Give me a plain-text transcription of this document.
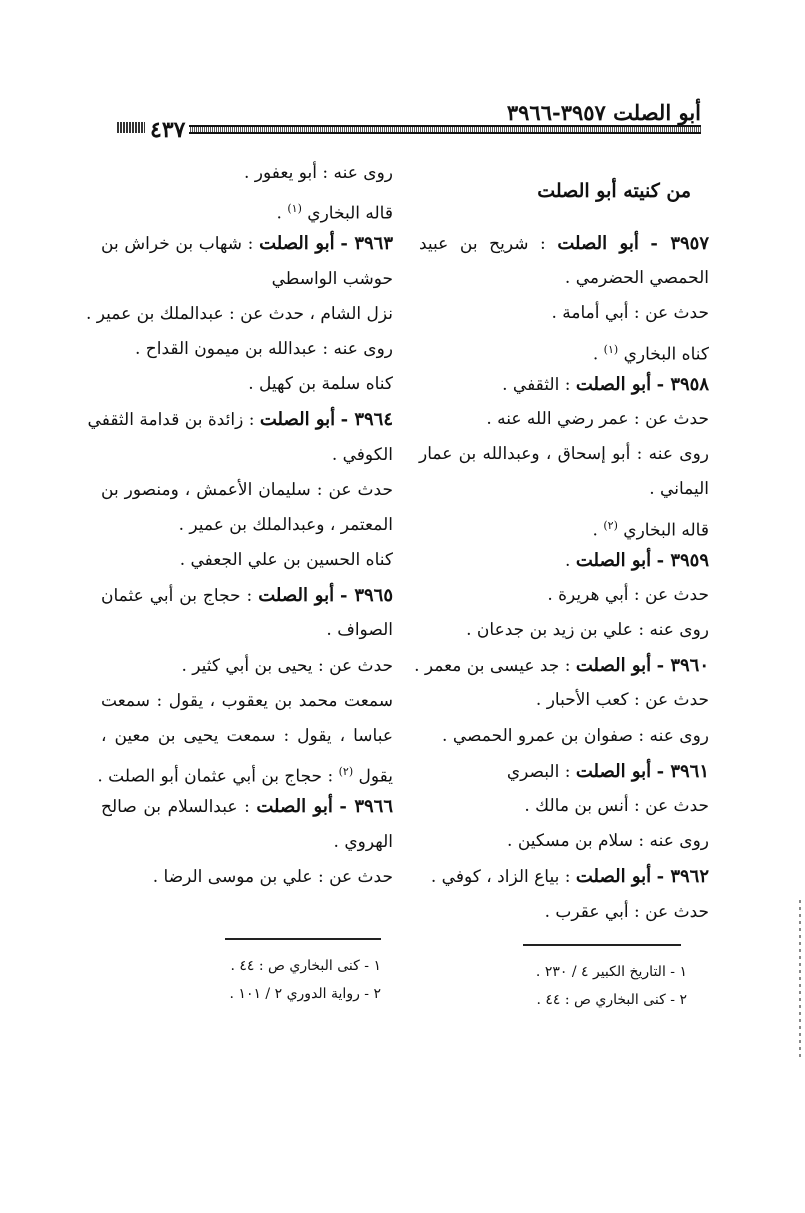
أبو الصلت ٣٩٥٧-٣٩٦٦
٤٣٧
من كنيته أبو الصلت
٣٩٥٧ - أبو الصلت : شريح بن عبيد
الحمصي الحضرمي .
حدث عن : أبي أمامة .
كناه البخاري $^{(١)}$ .
٣٩٥٨ - أبو الصلت : الثقفي .
حدث عن : عمر رضي الله عنه .
روى عنه : أبو إسحاق ، وعبدالله بن عمار
اليماني .
قاله البخاري $^{(٢)}$ .
٣٩٥٩ - أبو الصلت .
حدث عن : أبي هريرة .
روى عنه : علي بن زيد بن جدعان .
٣٩٦٠ - أبو الصلت : جد عيسى بن معمر .
حدث عن : كعب الأحبار .
روى عنه : صفوان بن عمرو الحمصي .
٣٩٦١ - أبو الصلت : البصري
حدث عن : أنس بن مالك .
روى عنه : سلام بن مسكين .
٣٩٦٢ - أبو الصلت : بياع الزاد ، كوفي .
حدث عن : أبي عقرب .
روى عنه : أبو يعفور .
قاله البخاري $^{(١)}$ .
٣٩٦٣ - أبو الصلت : شهاب بن خراش بن
حوشب الواسطي
نزل الشام ، حدث عن : عبدالملك بن عمير .
روى عنه : عبدالله بن ميمون القداح .
كناه سلمة بن كهيل .
٣٩٦٤ - أبو الصلت : زائدة بن قدامة الثقفي
الكوفي .
حدث عن : سليمان الأعمش ، ومنصور بن
المعتمر ، وعبدالملك بن عمير .
كناه الحسين بن علي الجعفي .
٣٩٦٥ - أبو الصلت : حجاج بن أبي عثمان
الصواف .
حدث عن : يحيى بن أبي كثير .
سمعت محمد بن يعقوب ، يقول : سمعت
عباسا ، يقول : سمعت يحيى بن معين ،
يقول $^{(٢)}$ : حجاج بن أبي عثمان أبو الصلت .
٣٩٦٦ - أبو الصلت : عبدالسلام بن صالح
الهروي .
حدث عن : علي بن موسى الرضا .
١ - التاريخ الكبير ٤ / ٢٣٠ .
٢ - كنى البخاري ص : ٤٤ .
١ - كنى البخاري ص : ٤٤ .
٢ - رواية الدوري ٢ / ١٠١ .
